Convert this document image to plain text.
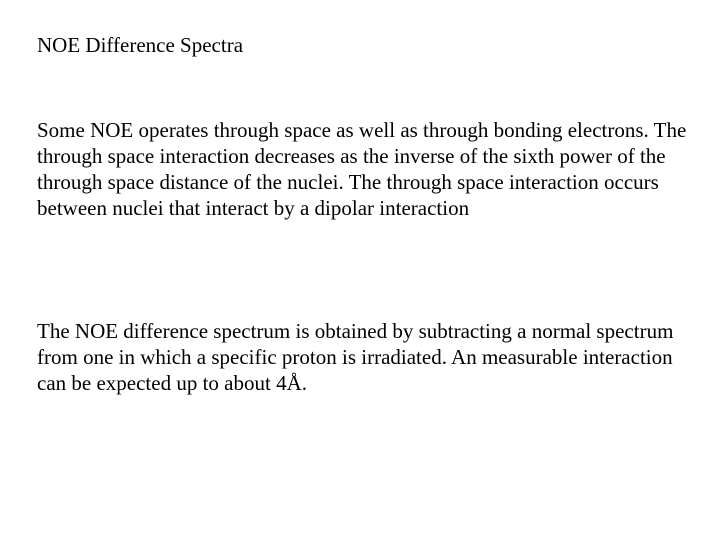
NOE Difference Spectra

Some NOE operates through space as well as through bonding electrons. The through space interaction decreases as the inverse of the sixth power of the through space distance of the nuclei. The through space interaction occurs between nuclei that interact by a dipolar interaction

The NOE difference spectrum is obtained by subtracting a normal spectrum from one in which a specific proton is irradiated. An measurable interaction can be expected up to about 4Å.
